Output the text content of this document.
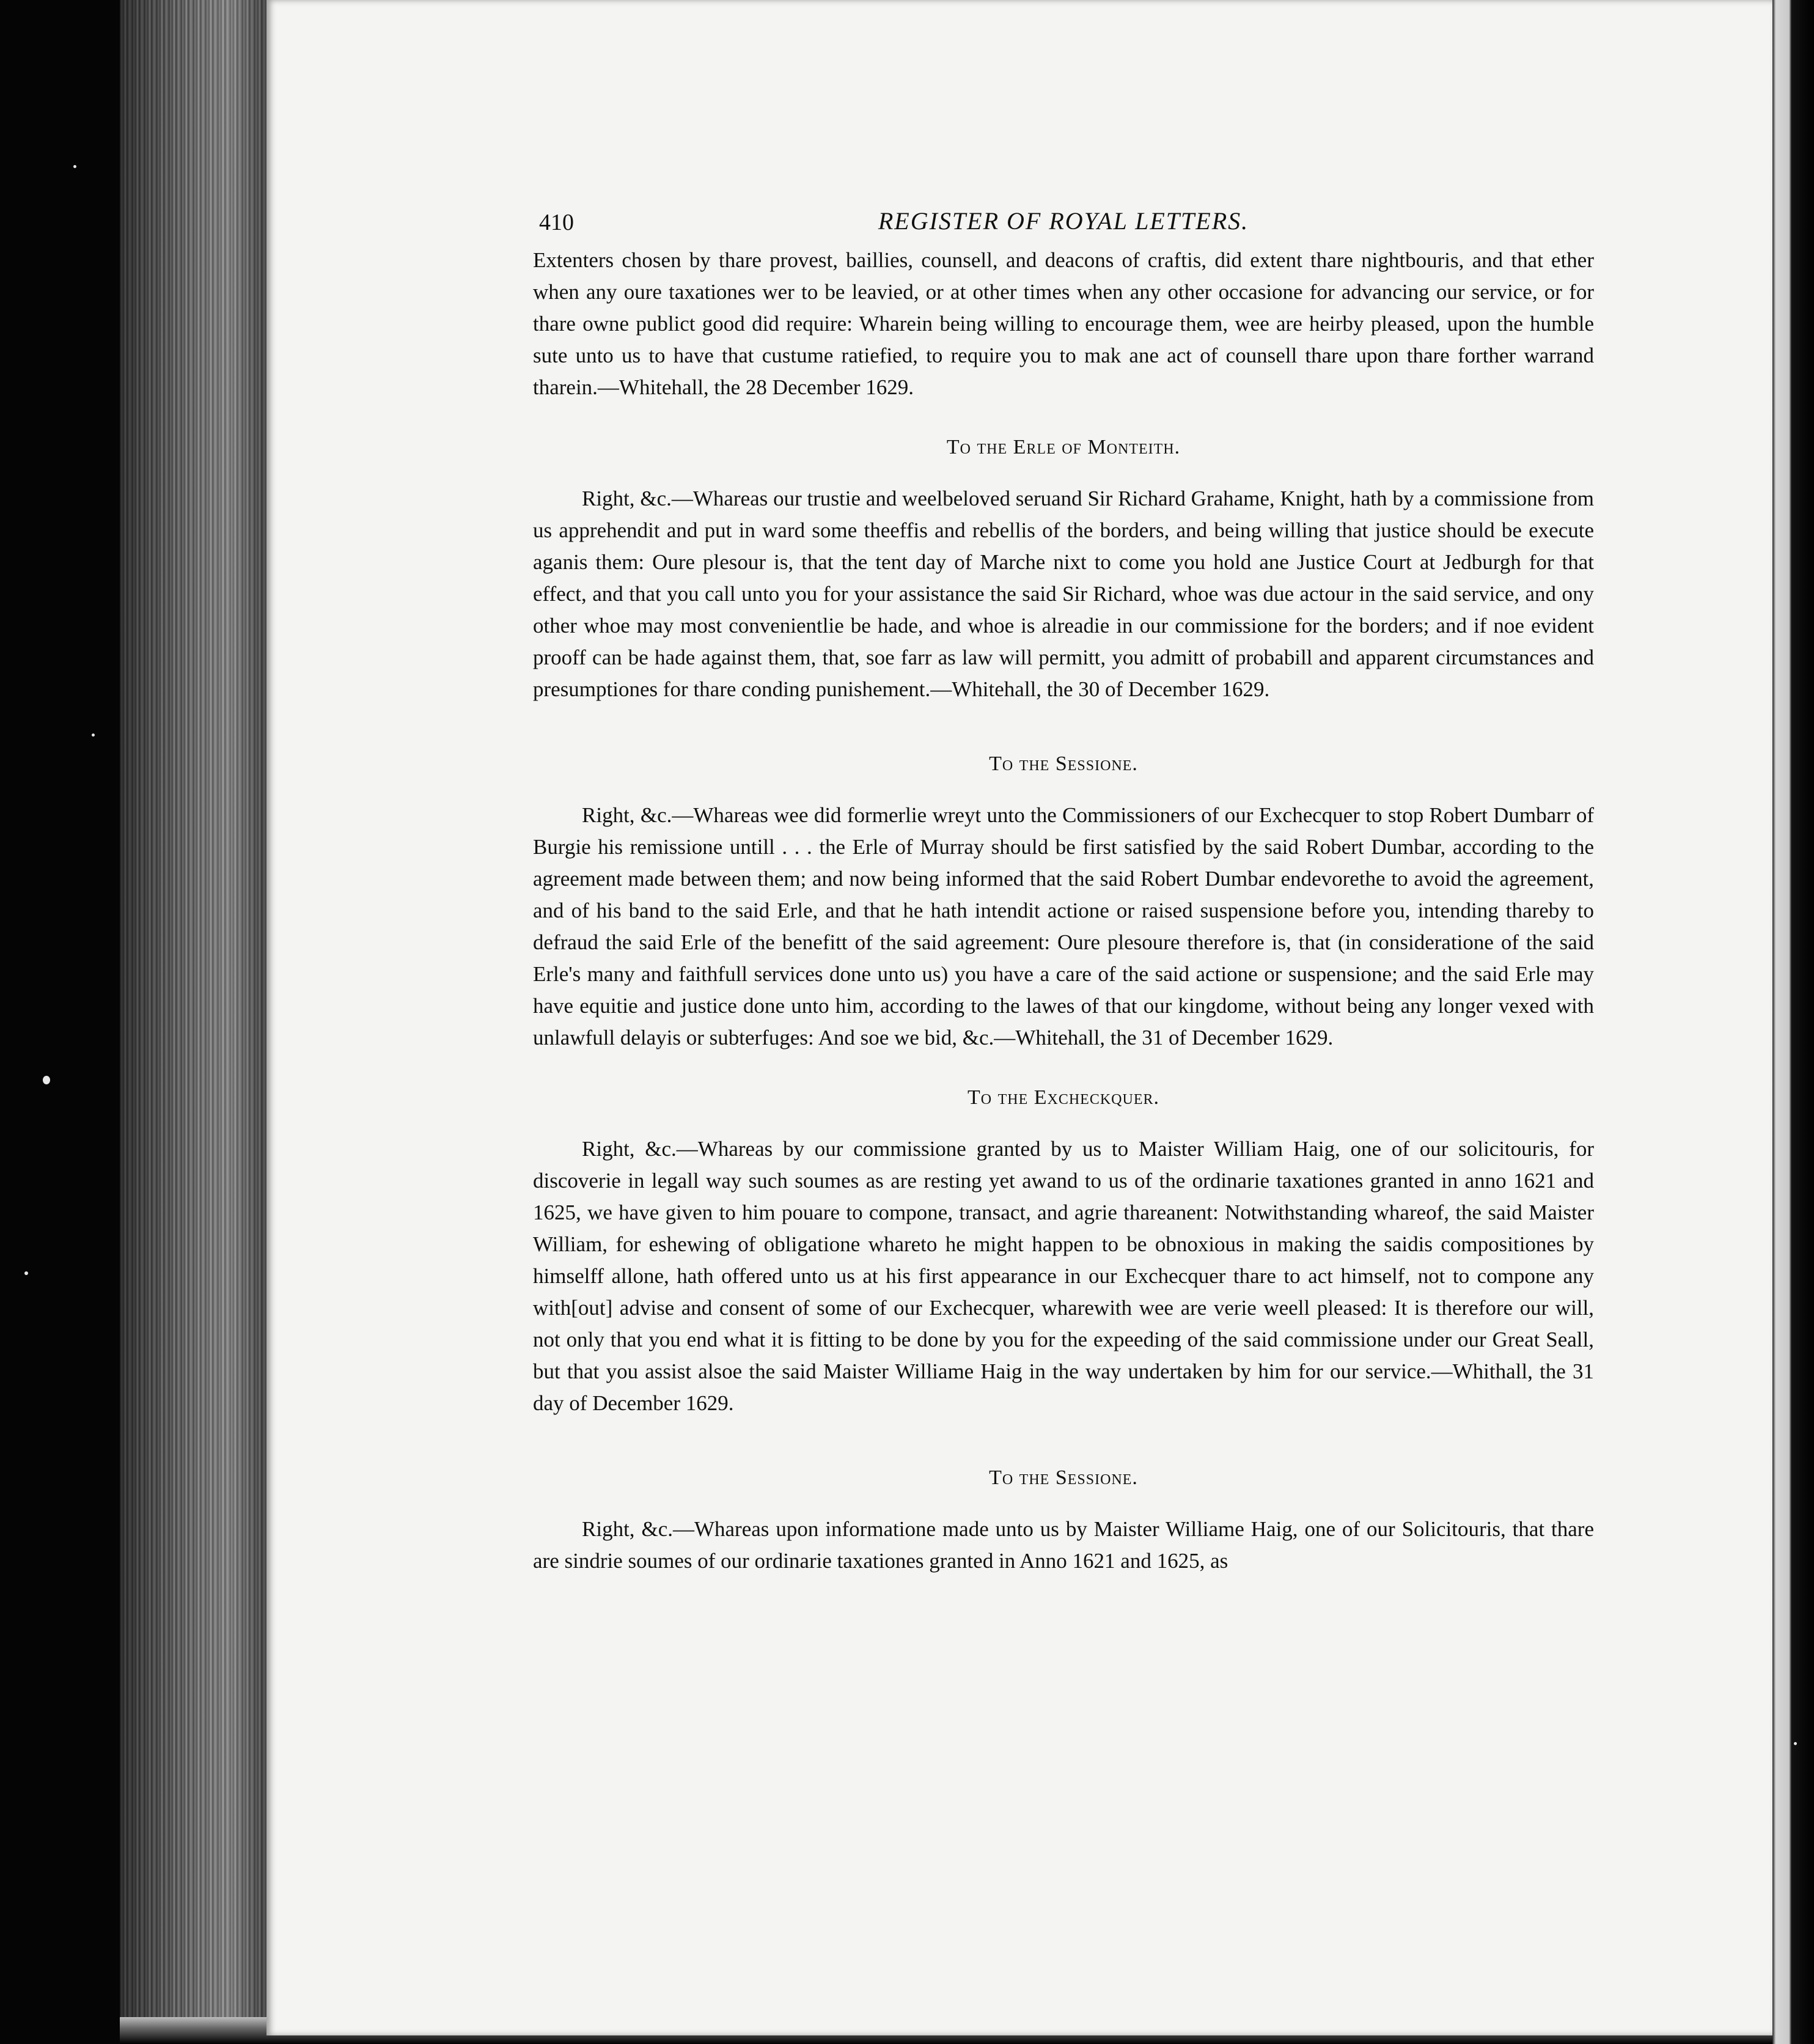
410	REGISTER OF ROYAL LETTERS.

Extenters chosen by thare provest, baillies, counsell, and deacons of craftis, did extent thare nightbouris, and that ether when any oure taxationes wer to be leavied, or at other times when any other occasione for advancing our service, or for thare owne publict good did require: Wharein being willing to encourage them, wee are heirby pleased, upon the humble sute unto us to have that custume ratiefied, to require you to mak ane act of counsell thare upon thare forther warrand tharein.—Whitehall, the 28 December 1629.

To the Erle of Monteith.

Right, &c.—Whareas our trustie and weelbeloved seruand Sir Richard Grahame, Knight, hath by a commissione from us apprehendit and put in ward some theeffis and rebellis of the borders, and being willing that justice should be execute aganis them: Oure plesour is, that the tent day of Marche nixt to come you hold ane Justice Court at Jedburgh for that effect, and that you call unto you for your assistance the said Sir Richard, whoe was due actour in the said service, and ony other whoe may most convenientlie be hade, and whoe is alreadie in our commissione for the borders; and if noe evident prooff can be hade against them, that, soe farr as law will permitt, you admitt of probabill and apparent circumstances and presumptiones for thare conding punishement.—Whitehall, the 30 of December 1629.

To the Sessione.

Right, &c.—Whareas wee did formerlie wreyt unto the Commissioners of our Exchecquer to stop Robert Dumbarr of Burgie his remissione untill . . . the Erle of Murray should be first satisfied by the said Robert Dumbar, according to the agreement made between them; and now being informed that the said Robert Dumbar endevorethe to avoid the agreement, and of his band to the said Erle, and that he hath intendit actione or raised suspensione before you, intending thareby to defraud the said Erle of the benefitt of the said agreement: Oure plesoure therefore is, that (in consideratione of the said Erle's many and faithfull services done unto us) you have a care of the said actione or suspensione; and the said Erle may have equitie and justice done unto him, according to the lawes of that our kingdome, without being any longer vexed with unlawfull delayis or subterfuges: And soe we bid, &c.—Whitehall, the 31 of December 1629.

To the Excheckquer.

Right, &c.—Whareas by our commissione granted by us to Maister William Haig, one of our solicitouris, for discoverie in legall way such soumes as are resting yet awand to us of the ordinarie taxationes granted in anno 1621 and 1625, we have given to him pouare to compone, transact, and agrie thareanent: Notwithstanding whareof, the said Maister William, for eshewing of obligatione whareto he might happen to be obnoxious in making the saidis compositiones by himselff allone, hath offered unto us at his first appearance in our Exchecquer thare to act himself, not to compone any with[out] advise and consent of some of our Exchecquer, wharewith wee are verie weell pleased: It is therefore our will, not only that you end what it is fitting to be done by you for the expeeding of the said commissione under our Great Seall, but that you assist alsoe the said Maister Williame Haig in the way undertaken by him for our service.—Whithall, the 31 day of December 1629.

To the Sessione.

Right, &c.—Whareas upon informatione made unto us by Maister Williame Haig, one of our Solicitouris, that thare are sindrie soumes of our ordinarie taxationes granted in Anno 1621 and 1625, as
